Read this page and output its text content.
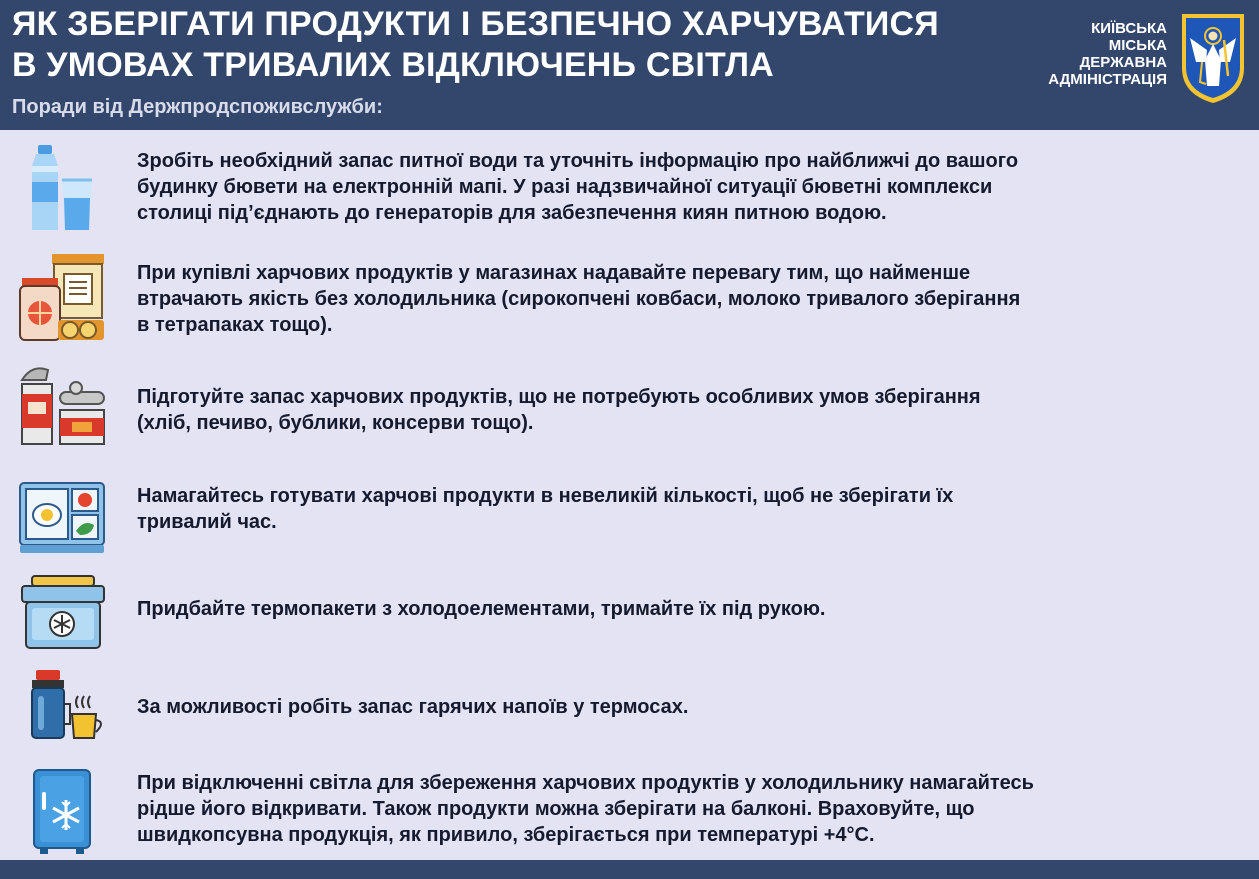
ЯК ЗБЕРІГАТИ ПРОДУКТИ І БЕЗПЕЧНО ХАРЧУВАТИСЯ
В УМОВАХ ТРИВАЛИХ ВІДКЛЮЧЕНЬ СВІТЛА
Поради від Держпродспоживслужби:
КИЇВСЬКА
МІСЬКА
ДЕРЖАВНА
АДМІНІСТРАЦІЯ
Зробіть необхідний запас питної води та уточніть інформацію про найближчі до вашого
будинку бювети на електронній мапі. У разі надзвичайної ситуації бюветні комплекси
столиці під’єднають до генераторів для забезпечення киян питною водою.
При купівлі харчових продуктів у магазинах надавайте перевагу тим, що найменше
втрачають якість без холодильника (сирокопчені ковбаси, молоко тривалого зберігання
в тетрапаках тощо).
Підготуйте запас харчових продуктів, що не потребують особливих умов зберігання
(хліб, печиво, бублики, консерви тощо).
Намагайтесь готувати харчові продукти в невеликій кількості, щоб не зберігати їх
тривалий час.
Придбайте термопакети з холодоелементами, тримайте їх під рукою.
За можливості робіть запас гарячих напоїв у термосах.
При відключенні світла для збереження харчових продуктів у холодильнику намагайтесь
рідше його відкривати. Також продукти можна зберігати на балконі. Враховуйте, що
швидкопсувна продукція, як привило, зберігається при температурі +4°С.
